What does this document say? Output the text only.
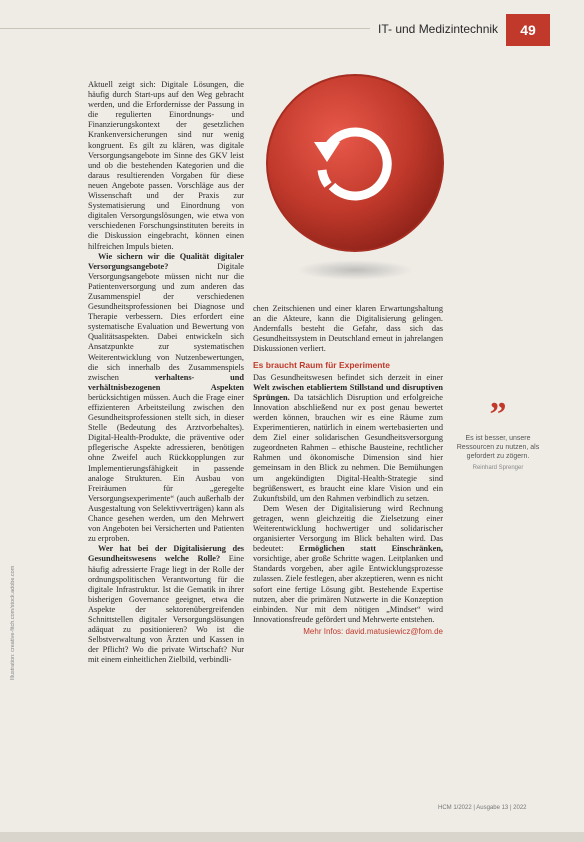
IT- und Medizintechnik	49

Aktuell zeigt sich: Digitale Lösungen, die häufig durch Start-ups auf den Weg gebracht werden, und die Erfordernisse der Passung in die regulierten Einordnungs- und Finanzierungskontext der gesetzlichen Krankenversicherungen sind nur wenig kongruent. Es gilt zu klären, was digitale Versorgungsangebote im Sinne des GKV leist und ob die bestehenden Kategorien und die daraus resultierenden Vorgaben für diese neuen Angebote passen. Vorschläge aus der Wissenschaft und der Praxis zur Systematisierung und Einordnung von digitalen Versorgungslösungen, wie etwa von verschiedenen Forschungsinstituten bereits in die Diskussion eingebracht, können einen hilfreichen Impuls bieten.

Wie sichern wir die Qualität digitaler Versorgungsangebote? Digitale Versorgungsangebote müssen nicht nur die Patientenversorgung und zum anderen das Zusammenspiel der verschiedenen Gesundheitsprofessionen bei Diagnose und Therapie verbessern. Dies erfordert eine systematische Evaluation und Bewertung von Qualitätsaspekten. Dabei entwickeln sich Ansatzpunkte zur systematischen Weiterentwicklung von Nutzenbewertungen, die sich innerhalb des Zusammenspiels zwischen verhaltens- und verhältnisbezogenen Aspekten berücksichtigen müssen. Auch die Frage einer effizienteren Arbeitsteilung zwischen den Gesundheitsprofessionen stellt sich, in dieser Stelle (Bedeutung des Arztvorbehaltes). Digital-Health-Produkte, die präventive oder pflegerische Aspekte adressieren, benötigen ohne Zweifel auch Rückkopplungen zur Implementierungsfähigkeit in passende analoge Strukturen. Ein Ausbau von Freiräumen für „geregelte Versorgungsexperimente“ (auch außerhalb der Ausgestaltung von Selektivverträgen) kann als Chance gesehen werden, um den Mehrwert von Angeboten bei Versicherten und Patienten zu erproben.

Wer hat bei der Digitalisierung des Gesundheitswesens welche Rolle? Eine häufig adressierte Frage liegt in der Rolle der ordnungspolitischen Verantwortung für die digitale Infrastruktur. Ist die Gematik in ihrer bisherigen Governance geeignet, etwa die Aspekte der sektorenübergreifenden Schnittstellen digitaler Versorgungslösungen adäquat zu positionieren? Wo ist die Selbstverwaltung von Ärzten und Kassen in der Pflicht? Wo die private Wirtschaft? Nur mit einem einheitlichen Zielbild, verbindli-

chen Zeitschienen und einer klaren Erwartungshaltung an die Akteure, kann die Digitalisierung gelingen. Andernfalls besteht die Gefahr, dass sich das Gesundheitssystem in Deutschland erneut in jahrelangen Diskussionen verliert.

Es braucht Raum für Experimente

Das Gesundheitswesen befindet sich derzeit in einer Welt zwischen etabliertem Stillstand und disruptiven Sprüngen. Da tatsächlich Disruption und erfolgreiche Innovation abschließend nur ex post genau bewertet werden können, brauchen wir es eine Räume zum Experimentieren, natürlich in einem wertebasierten und dem Ziel einer solidarischen Gesundheitsversorgung zugeordneten Rahmen – ethische Bausteine, rechtlicher Rahmen und ökonomische Dimension sind hier gemeinsam in den Blick zu nehmen. Die Bemühungen um angekündigten Digital-Health-Strategie sind begrüßenswert, es braucht eine klare Vision und ein Zukunftsbild, um den Rahmen verbindlich zu setzen.

Dem Wesen der Digitalisierung wird Rechnung getragen, wenn gleichzeitig die Zielsetzung einer Weiterentwicklung hochwertiger und solidarischer organisierter Versorgung im Blick behalten wird. Das bedeutet: Ermöglichen statt Einschränken, vorsichtige, aber große Schritte wagen. Leitplanken und Standards vorgeben, aber agile Entwicklungsprozesse zulassen. Ziele festlegen, aber akzeptieren, wenn es nicht sofort eine fertige Lösung gibt. Bestehende Expertise nutzen, aber die primären Nutzwerte in die Konzeption einbinden. Nur mit dem nötigen „Mindset“ wird Innovationsfreude gefördert und Mehrwerte entstehen.

Mehr Infos: david.matusiewicz@fom.de
”
Es ist besser, unsere Ressourcen zu nutzen, als gefordert zu zögern.
Reinhard Sprenger
Illustration: creative-fitch.com/stock.adobe.com
HCM 1/2022 | Ausgabe 13 | 2022
